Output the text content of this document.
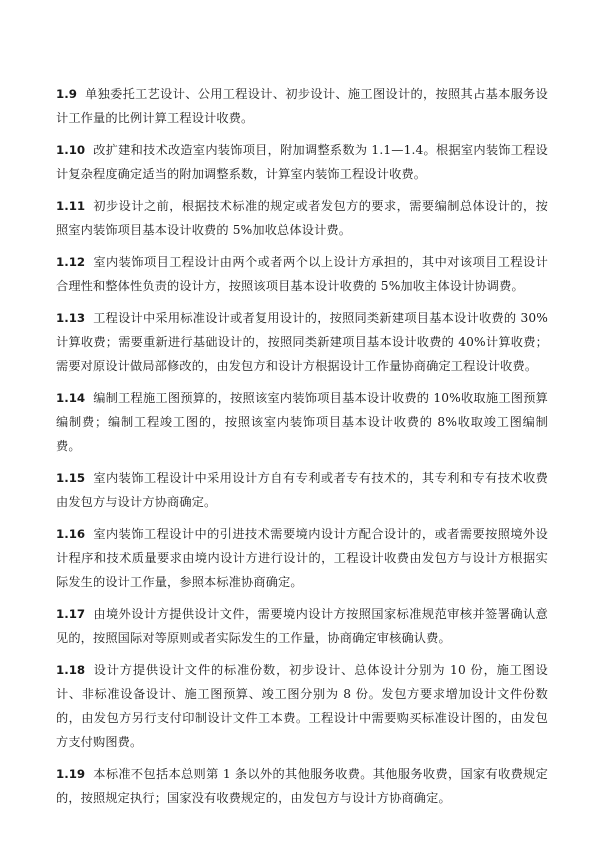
1.9 单独委托工艺设计、公用工程设计、初步设计、施工图设计的，按照其占基本服务设计工作量的比例计算工程设计收费。

1.10 改扩建和技术改造室内装饰项目，附加调整系数为 1.1—1.4。根据室内装饰工程设计复杂程度确定适当的附加调整系数，计算室内装饰工程设计收费。

1.11 初步设计之前，根据技术标准的规定或者发包方的要求，需要编制总体设计的，按照室内装饰项目基本设计收费的 5%加收总体设计费。

1.12 室内装饰项目工程设计由两个或者两个以上设计方承担的，其中对该项目工程设计合理性和整体性负责的设计方，按照该项目基本设计收费的 5%加收主体设计协调费。

1.13 工程设计中采用标准设计或者复用设计的，按照同类新建项目基本设计收费的 30%计算收费；需要重新进行基础设计的，按照同类新建项目基本设计收费的 40%计算收费；需要对原设计做局部修改的，由发包方和设计方根据设计工作量协商确定工程设计收费。

1.14 编制工程施工图预算的，按照该室内装饰项目基本设计收费的 10%收取施工图预算编制费；编制工程竣工图的，按照该室内装饰项目基本设计收费的 8%收取竣工图编制费。

1.15 室内装饰工程设计中采用设计方自有专利或者专有技术的，其专利和专有技术收费由发包方与设计方协商确定。

1.16 室内装饰工程设计中的引进技术需要境内设计方配合设计的，或者需要按照境外设计程序和技术质量要求由境内设计方进行设计的，工程设计收费由发包方与设计方根据实际发生的设计工作量，参照本标准协商确定。

1.17 由境外设计方提供设计文件，需要境内设计方按照国家标准规范审核并签署确认意见的，按照国际对等原则或者实际发生的工作量，协商确定审核确认费。

1.18 设计方提供设计文件的标准份数，初步设计、总体设计分别为 10 份，施工图设计、非标准设备设计、施工图预算、竣工图分别为 8 份。发包方要求增加设计文件份数的，由发包方另行支付印制设计文件工本费。工程设计中需要购买标准设计图的，由发包方支付购图费。

1.19 本标准不包括本总则第 1 条以外的其他服务收费。其他服务收费，国家有收费规定的，按照规定执行；国家没有收费规定的，由发包方与设计方协商确定。
